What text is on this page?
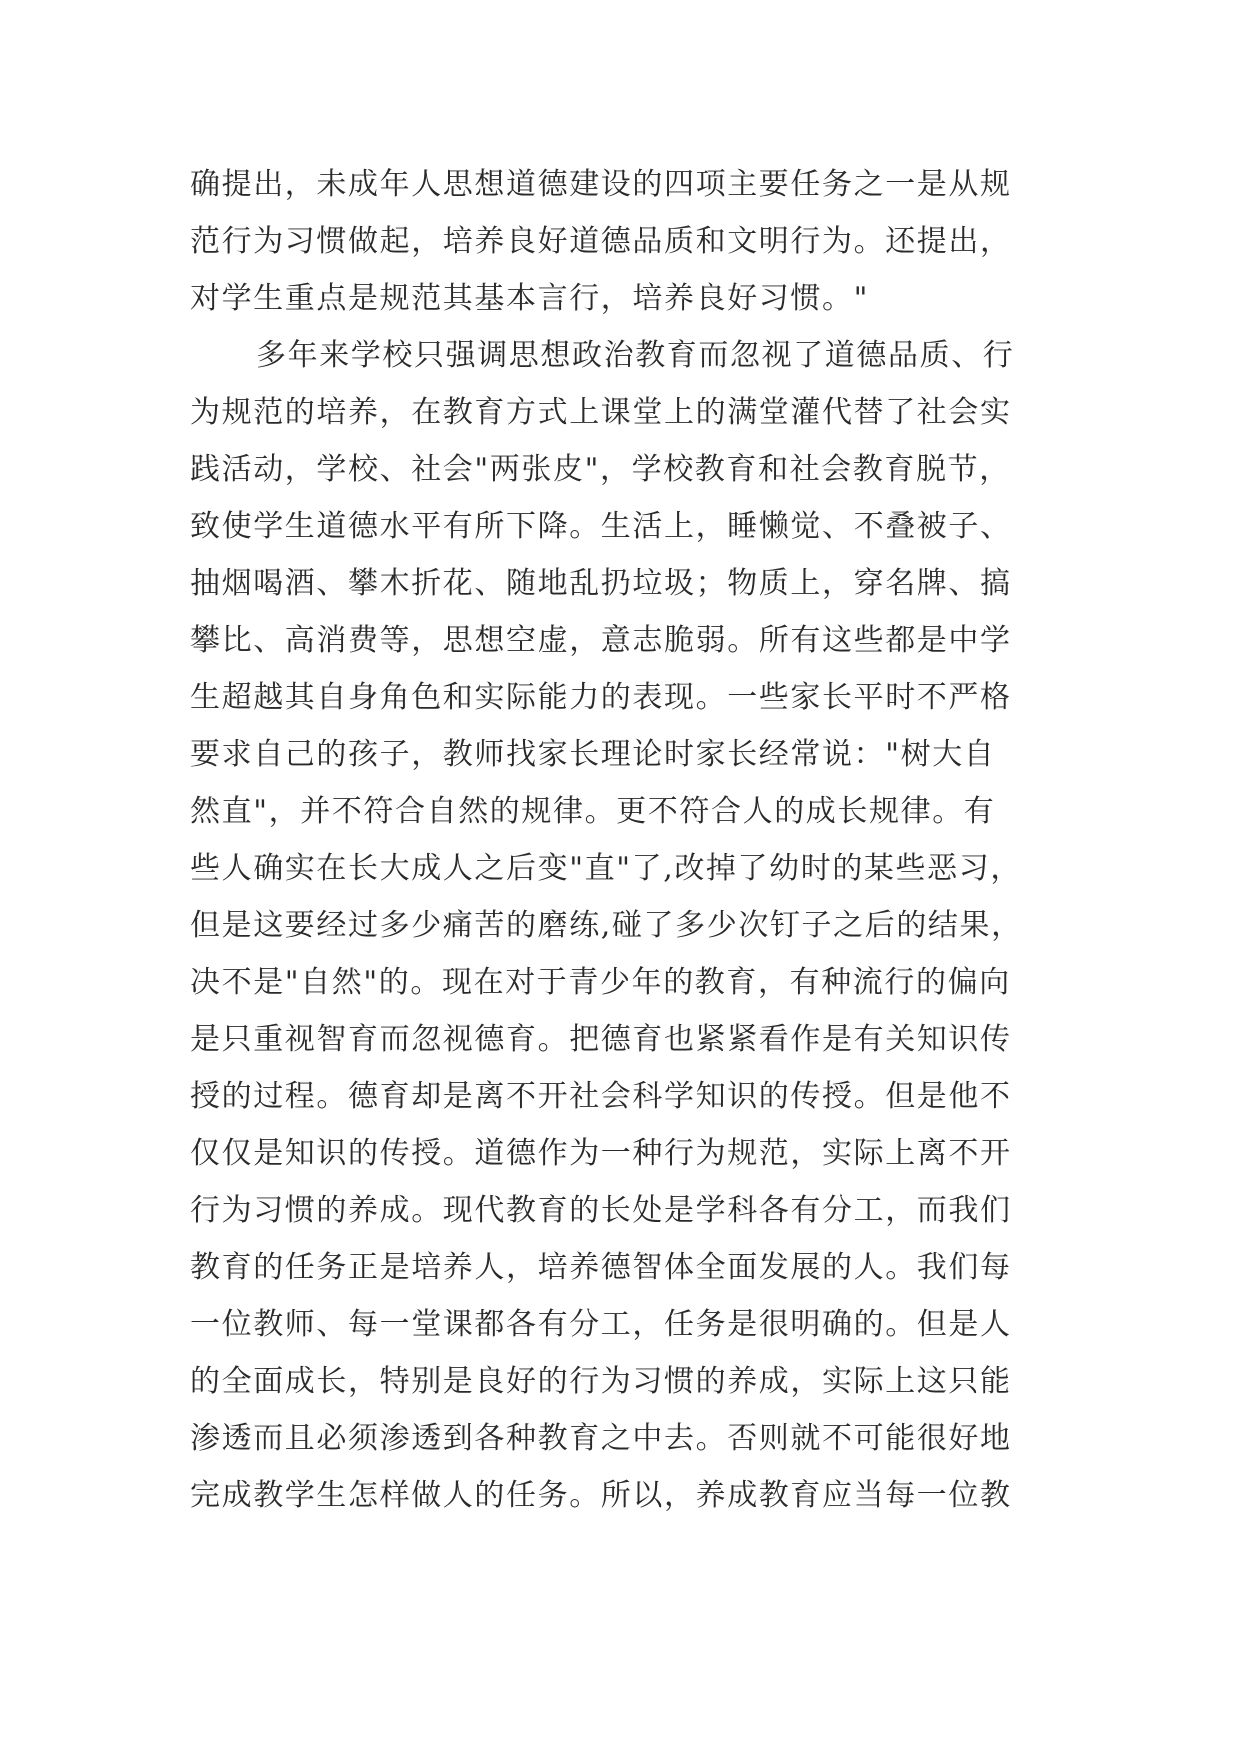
确提出，未成年人思想道德建设的四项主要任务之一是从规
范行为习惯做起，培养良好道德品质和文明行为。还提出，
对学生重点是规范其基本言行，培养良好习惯。"
多年来学校只强调思想政治教育而忽视了道德品质、行
为规范的培养，在教育方式上课堂上的满堂灌代替了社会实
践活动，学校、社会"两张皮"，学校教育和社会教育脱节，
致使学生道德水平有所下降。生活上，睡懒觉、不叠被子、
抽烟喝酒、攀木折花、随地乱扔垃圾；物质上，穿名牌、搞
攀比、高消费等，思想空虚，意志脆弱。所有这些都是中学
生超越其自身角色和实际能力的表现。一些家长平时不严格
要求自己的孩子，教师找家长理论时家长经常说："树大自
然直"，并不符合自然的规律。更不符合人的成长规律。有
些人确实在长大成人之后变"直"了,改掉了幼时的某些恶习，
但是这要经过多少痛苦的磨练,碰了多少次钉子之后的结果，
决不是"自然"的。现在对于青少年的教育，有种流行的偏向
是只重视智育而忽视德育。把德育也紧紧看作是有关知识传
授的过程。德育却是离不开社会科学知识的传授。但是他不
仅仅是知识的传授。道德作为一种行为规范，实际上离不开
行为习惯的养成。现代教育的长处是学科各有分工，而我们
教育的任务正是培养人，培养德智体全面发展的人。我们每
一位教师、每一堂课都各有分工，任务是很明确的。但是人
的全面成长，特别是良好的行为习惯的养成，实际上这只能
渗透而且必须渗透到各种教育之中去。否则就不可能很好地
完成教学生怎样做人的任务。所以，养成教育应当每一位教
